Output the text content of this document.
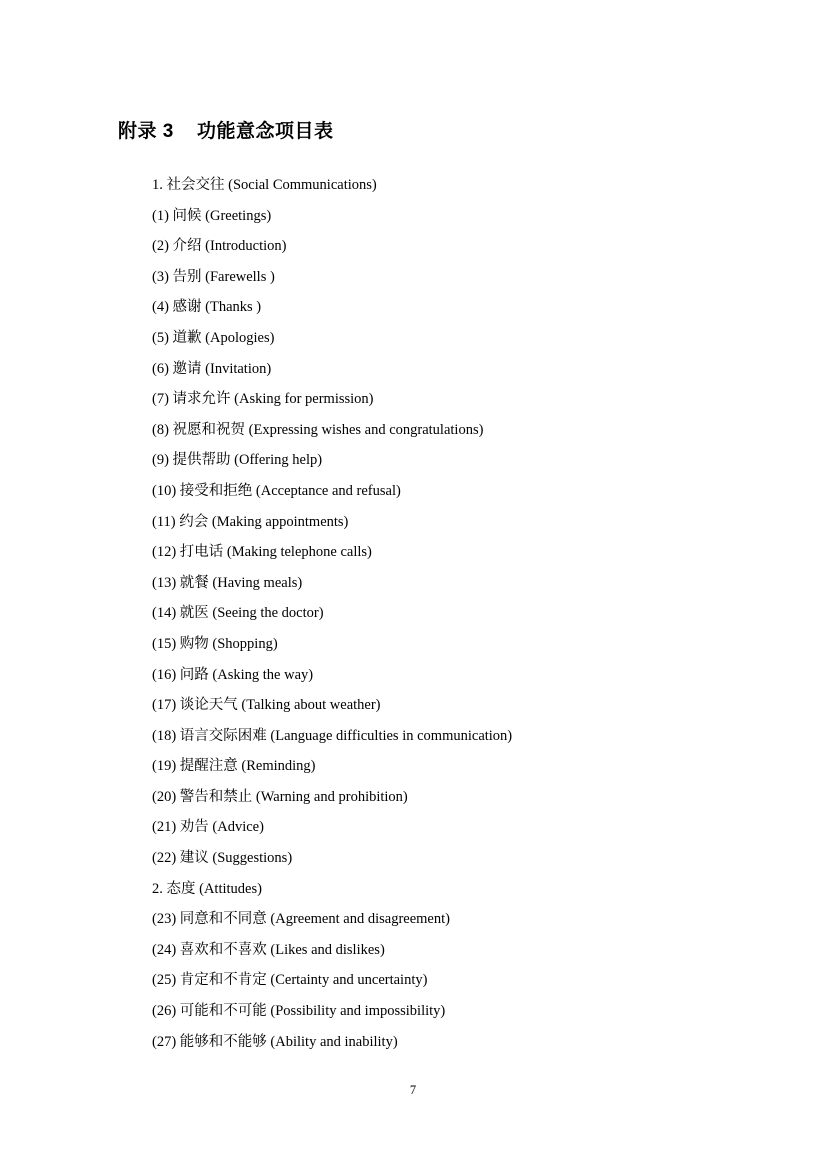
附录 3    功能意念项目表
1. 社会交往 (Social Communications)
(1) 问候 (Greetings)
(2) 介绍 (Introduction)
(3) 告别 (Farewells )
(4) 感谢 (Thanks )
(5) 道歉 (Apologies)
(6) 邀请 (Invitation)
(7) 请求允许 (Asking for permission)
(8) 祝愿和祝贺 (Expressing wishes and congratulations)
(9) 提供帮助 (Offering help)
(10) 接受和拒绝 (Acceptance and refusal)
(11) 约会 (Making appointments)
(12) 打电话 (Making telephone calls)
(13) 就餐 (Having meals)
(14) 就医 (Seeing the doctor)
(15) 购物 (Shopping)
(16) 问路 (Asking the way)
(17) 谈论天气 (Talking about weather)
(18) 语言交际困难 (Language difficulties in communication)
(19) 提醒注意 (Reminding)
(20) 警告和禁止 (Warning and prohibition)
(21) 劝告 (Advice)
(22) 建议 (Suggestions)
2. 态度 (Attitudes)
(23) 同意和不同意 (Agreement and disagreement)
(24) 喜欢和不喜欢 (Likes and dislikes)
(25) 肯定和不肯定 (Certainty and uncertainty)
(26) 可能和不可能 (Possibility and impossibility)
(27) 能够和不能够 (Ability and inability)
7
